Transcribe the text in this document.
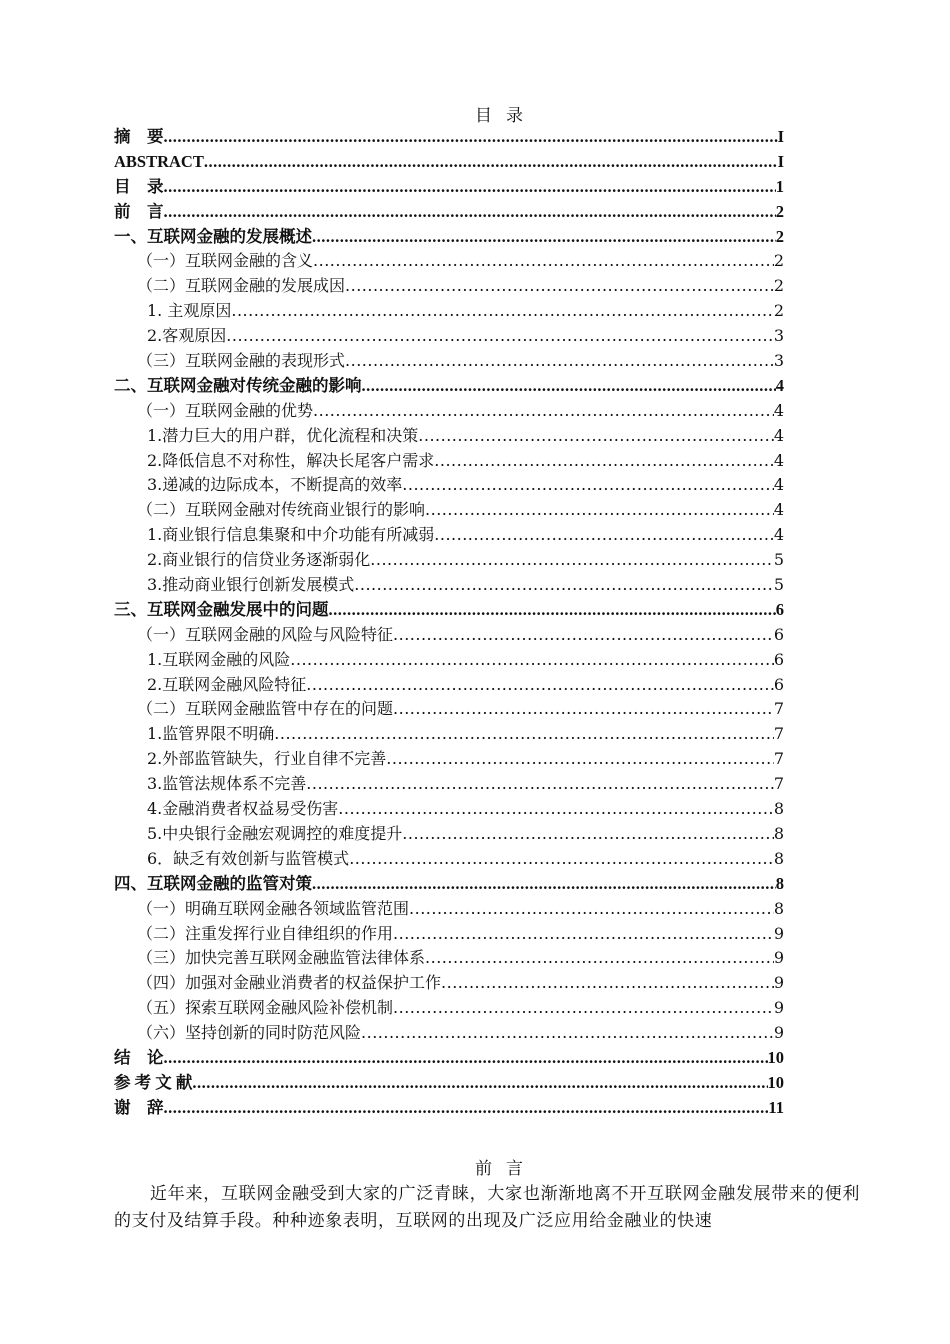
目录
摘　要 .....	I
ABSTRACT .....	I
目　录 .....	1
前　言 .....	2
一、互联网金融的发展概述 .....	2
（一）互联网金融的含义 .....	2
（二）互联网金融的发展成因 .....	2
1. 主观原因 .....	2
2.客观原因 .....	3
（三）互联网金融的表现形式 .....	3
二、互联网金融对传统金融的影响 .....	4
（一）互联网金融的优势 .....	4
1.潜力巨大的用户群，优化流程和决策 .....	4
2.降低信息不对称性，解决长尾客户需求 .....	4
3.递减的边际成本，不断提高的效率 .....	4
（二）互联网金融对传统商业银行的影响 .....	4
1.商业银行信息集聚和中介功能有所减弱 .....	4
2.商业银行的信贷业务逐渐弱化 .....	5
3.推动商业银行创新发展模式 .....	5
三、互联网金融发展中的问题 .....	6
（一）互联网金融的风险与风险特征 .....	6
1.互联网金融的风险 .....	6
2.互联网金融风险特征 .....	6
（二）互联网金融监管中存在的问题 .....	7
1.监管界限不明确 .....	7
2.外部监管缺失，行业自律不完善 .....	7
3.监管法规体系不完善 .....	7
4.金融消费者权益易受伤害 .....	8
5.中央银行金融宏观调控的难度提升 .....	8
6．缺乏有效创新与监管模式 .....	8
四、互联网金融的监管对策 .....	8
（一）明确互联网金融各领域监管范围 .....	8
（二）注重发挥行业自律组织的作用 .....	9
（三）加快完善互联网金融监管法律体系 .....	9
（四）加强对金融业消费者的权益保护工作 .....	9
（五）探索互联网金融风险补偿机制 .....	9
（六）坚持创新的同时防范风险 .....	9
结　论 .....	10
参 考 文 献 .....	10
谢　辞 .....	11
前言
近年来，互联网金融受到大家的广泛青睐，大家也渐渐地离不开互联网金融发展带来的便利的支付及结算手段。种种迹象表明，互联网的出现及广泛应用给金融业的快速
